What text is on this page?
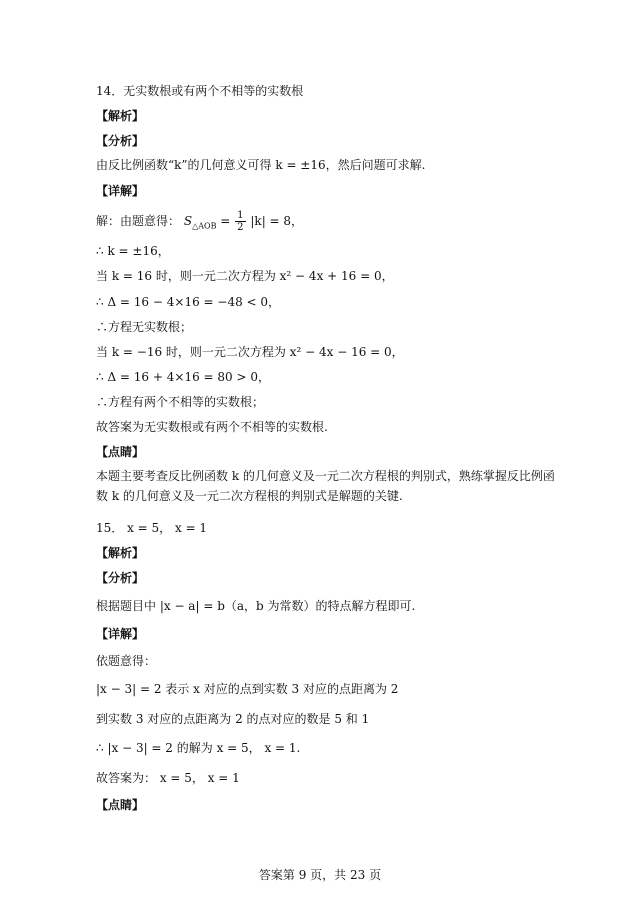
14．无实数根或有两个不相等的实数根
【解析】
【分析】
由反比例函数“k”的几何意义可得 k = ±16，然后问题可求解.
【详解】
解：由题意得： $S_{\triangle AOB} = \frac{1}{2} |k| = 8$，
∴ k = ±16，
当 k = 16 时，则一元二次方程为 x² − 4x + 16 = 0，
∴ Δ = 16 − 4×16 = −48 < 0，
∴方程无实数根；
当 k = −16 时，则一元二次方程为 x² − 4x − 16 = 0，
∴ Δ = 16 + 4×16 = 80 > 0，
∴方程有两个不相等的实数根；
故答案为无实数根或有两个不相等的实数根.
【点睛】
本题主要考查反比例函数 k 的几何意义及一元二次方程根的判别式，熟练掌握反比例函数 k 的几何意义及一元二次方程根的判别式是解题的关键.
15． x = 5， x = 1
【解析】
【分析】
根据题目中 |x − a| = b（a，b 为常数）的特点解方程即可.
【详解】
依题意得：
|x − 3| = 2 表示 x 对应的点到实数 3 对应的点距离为 2
到实数 3 对应的点距离为 2 的点对应的数是 5 和 1
∴ |x − 3| = 2 的解为 x = 5， x = 1.
故答案为： x = 5， x = 1
【点睛】
答案第 9 页，共 23 页
